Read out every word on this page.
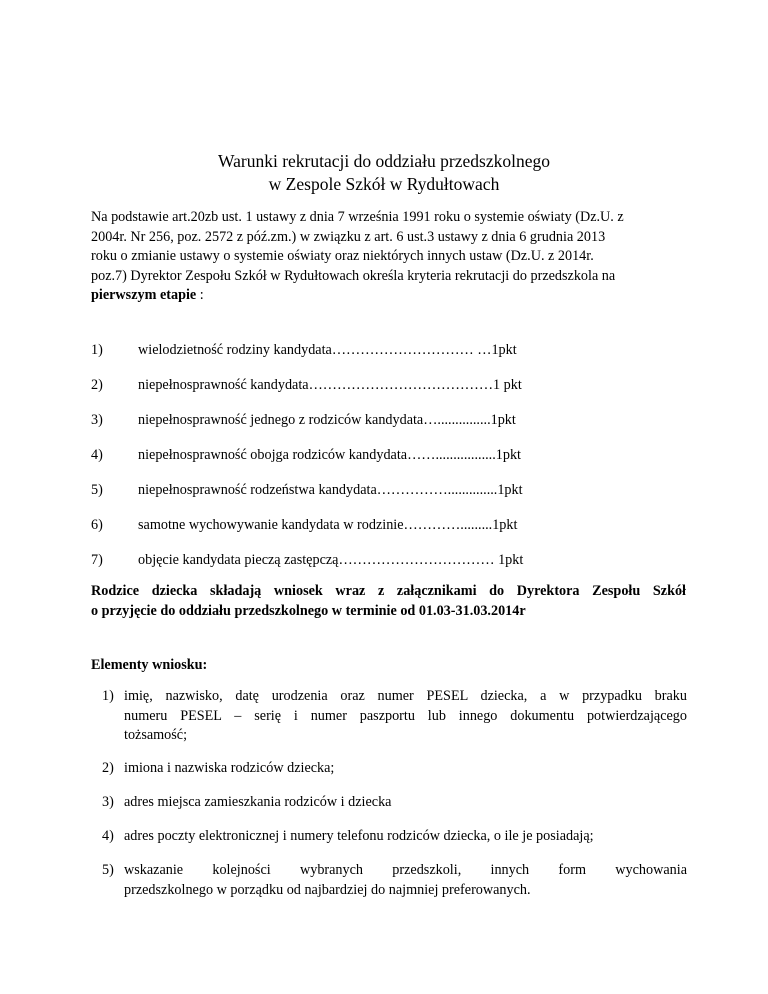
Warunki rekrutacji do oddziału przedszkolnego
w Zespole Szkół w Rydułtowach
Na podstawie art.20zb ust. 1 ustawy z dnia 7 września 1991 roku o systemie oświaty (Dz.U. z
2004r. Nr 256, poz. 2572 z póź.zm.) w związku z art. 6 ust.3 ustawy z dnia 6 grudnia 2013
roku o zmianie ustawy o systemie oświaty oraz niektórych innych ustaw (Dz.U. z 2014r.
poz.7) Dyrektor Zespołu Szkół w Rydułtowach określa kryteria rekrutacji do przedszkola na
pierwszym etapie :
1) wielodzietność rodziny kandydata………………………… …1pkt
2) niepełnosprawność kandydata…………………………………1 pkt
3) niepełnosprawność jednego z rodziców kandydata…...............1pkt
4) niepełnosprawność obojga rodziców kandydata…….................1pkt
5) niepełnosprawność rodzeństwa kandydata……………..............1pkt
6) samotne wychowywanie kandydata w rodzinie………….........1pkt
7) objęcie kandydata pieczą zastępczą…………………………… 1pkt
Rodzice dziecka składają wniosek wraz z załącznikami do Dyrektora Zespołu Szkół
o przyjęcie do oddziału przedszkolnego w terminie od 01.03-31.03.2014r
Elementy wniosku:
1) imię, nazwisko, datę urodzenia oraz numer PESEL dziecka, a w przypadku braku
numeru PESEL – serię i numer paszportu lub innego dokumentu potwierdzającego
tożsamość;
2) imiona i nazwiska rodziców dziecka;
3) adres miejsca zamieszkania rodziców i dziecka
4) adres poczty elektronicznej i numery telefonu rodziców dziecka, o ile je posiadają;
5) wskazanie kolejności wybranych przedszkoli, innych form wychowania
przedszkolnego w porządku od najbardziej do najmniej preferowanych.
